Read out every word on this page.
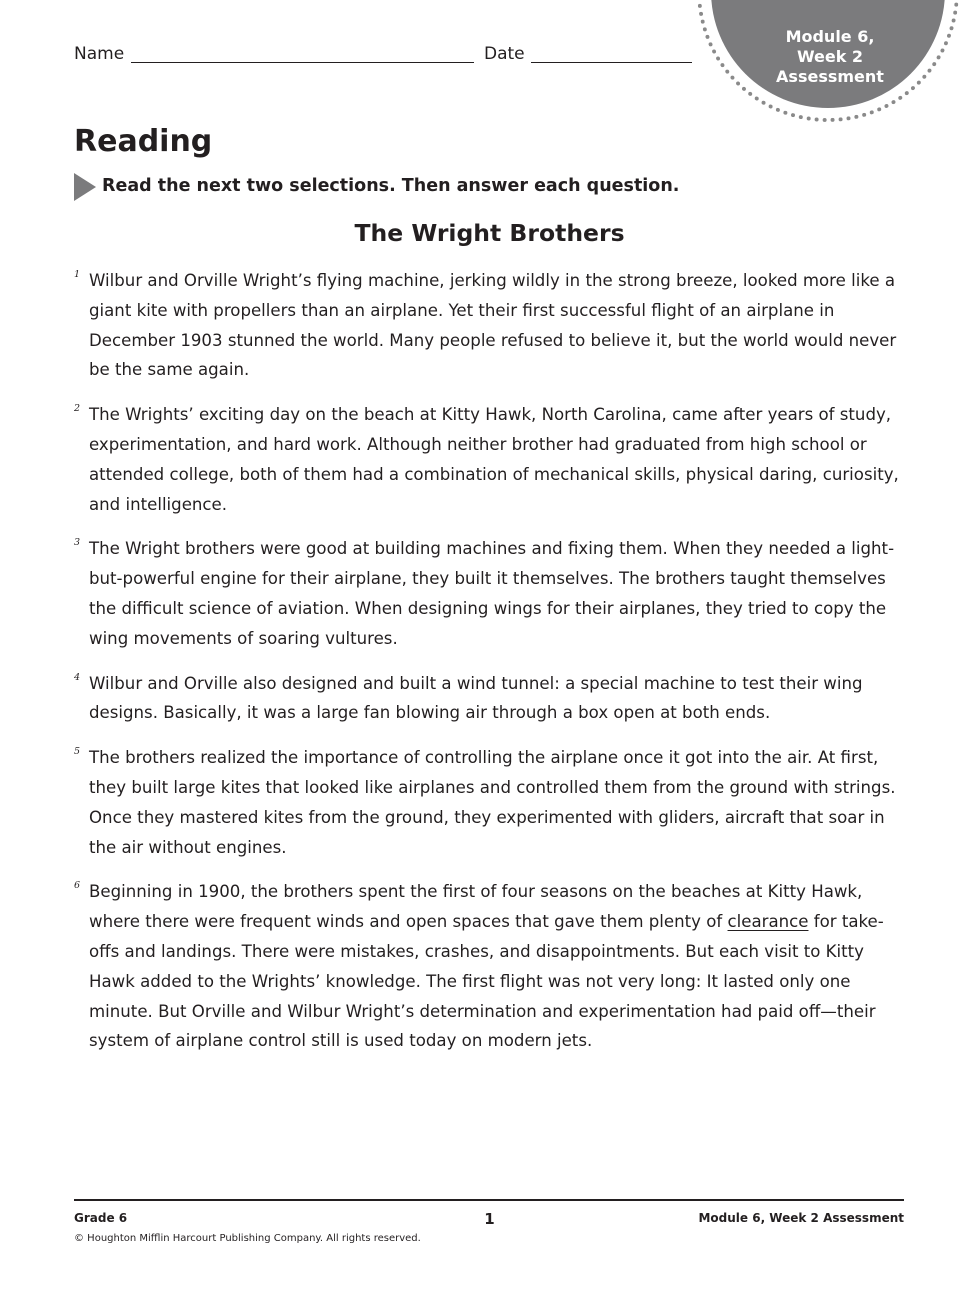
Module 6,
Week 2
Assessment
Name	Date
Reading
Read the next two selections. Then answer each question.
The Wright Brothers

1 Wilbur and Orville Wright’s flying machine, jerking wildly in the strong breeze, looked more like a giant kite with propellers than an airplane. Yet their first successful flight of an airplane in December 1903 stunned the world. Many people refused to believe it, but the world would never be the same again.

2 The Wrights’ exciting day on the beach at Kitty Hawk, North Carolina, came after years of study, experimentation, and hard work. Although neither brother had graduated from high school or attended college, both of them had a combination of mechanical skills, physical daring, curiosity, and intelligence.

3 The Wright brothers were good at building machines and fixing them. When they needed a light-but-powerful engine for their airplane, they built it themselves. The brothers taught themselves the difficult science of aviation. When designing wings for their airplanes, they tried to copy the wing movements of soaring vultures.

4 Wilbur and Orville also designed and built a wind tunnel: a special machine to test their wing designs. Basically, it was a large fan blowing air through a box open at both ends.

5 The brothers realized the importance of controlling the airplane once it got into the air. At first, they built large kites that looked like airplanes and controlled them from the ground with strings. Once they mastered kites from the ground, they experimented with gliders, aircraft that soar in the air without engines.

6 Beginning in 1900, the brothers spent the first of four seasons on the beaches at Kitty Hawk, where there were frequent winds and open spaces that gave them plenty of clearance for take-offs and landings. There were mistakes, crashes, and disappointments. But each visit to Kitty Hawk added to the Wrights’ knowledge. The first flight was not very long: It lasted only one minute. But Orville and Wilbur Wright’s determination and experimentation had paid off—their system of airplane control still is used today on modern jets.

Grade 6	1	Module 6, Week 2 Assessment
© Houghton Mifflin Harcourt Publishing Company. All rights reserved.
